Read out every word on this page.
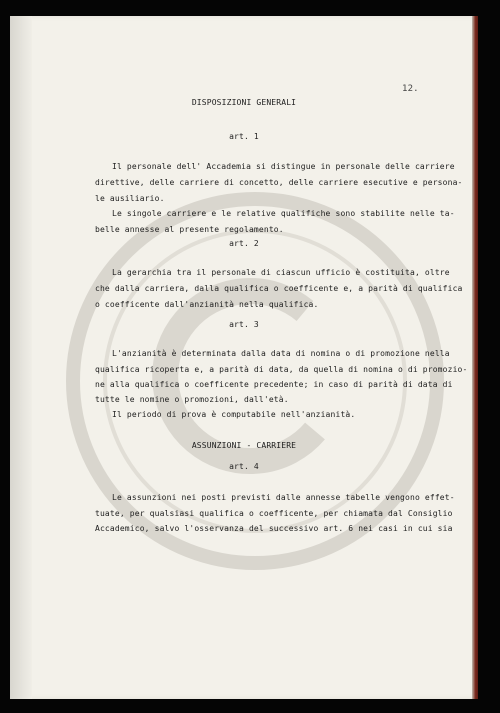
12.
DISPOSIZIONI GENERALI
art. 1
Il personale dell' Accademia si distingue in personale delle carriere
direttive, delle carriere di concetto, delle carriere esecutive e persona-
le ausiliario.
Le singole carriere e le relative qualifiche sono stabilite nelle ta-
belle annesse al presente regolamento.
art. 2
La gerarchia tra il personale di ciascun ufficio è costituita, oltre
che dalla carriera, dalla qualifica o coefficente e, a parità di qualifica
o coefficente dall'anzianità nella qualifica.
art. 3
L'anzianità è determinata dalla data di nomina o di promozione nella
qualifica ricoperta e, a parità di data, da quella di nomina o di promozio-
ne alla qualifica o coefficente precedente; in caso di parità di data di
tutte le nomine o promozioni, dall'età.
Il periodo di prova è computabile nell'anzianità.
ASSUNZIONI - CARRIERE
art. 4
Le assunzioni nei posti previsti dalle annesse tabelle vengono effet-
tuate, per qualsiasi qualifica o coefficente, per chiamata dal Consiglio
Accademico, salvo l'osservanza del successivo art. 6 nei casi in cui sia
